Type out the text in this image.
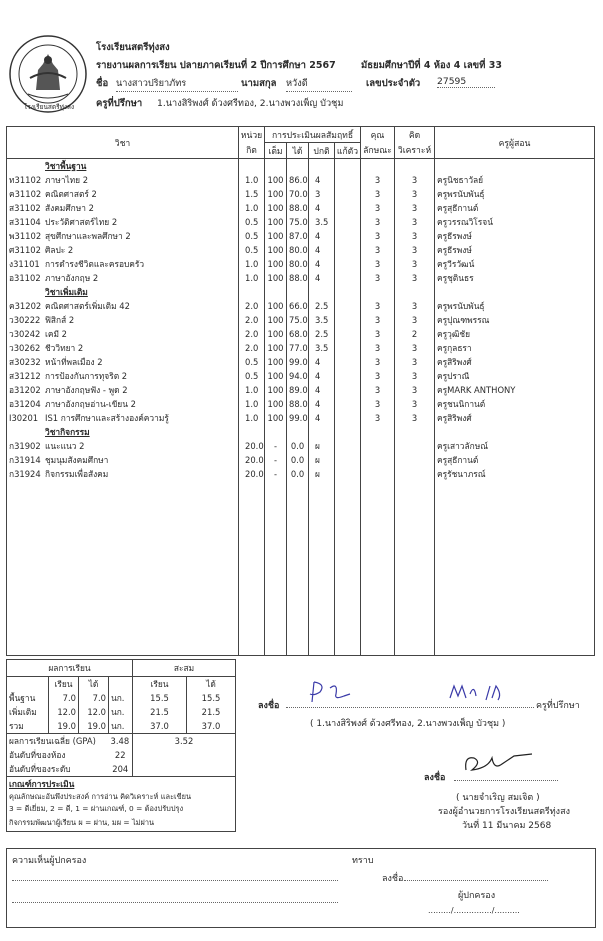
โรงเรียนสตรีทุ่งสง
โรงเรียนสตรีทุ่งสง
รายงานผลการเรียน ปลายภาคเรียนที่ 2 ปีการศึกษา 2567	มัธยมศึกษาปีที่ 4 ห้อง 4 เลขที่ 33
ชื่อ นางสาวปริยาภัทร	นามสกุล หวังดี	เลขประจำตัว 27595
ครูที่ปรึกษา 1.นางสิริพงศ์ ด้วงศรีทอง, 2.นางพวงเพ็ญ บัวชุม
วิชา	หน่วย	การประเมินผลสัมฤทธิ์				คุณ	คิด	ครูผู้สอน
	กิต	เต็ม	ได้	ปกติ	แก้ตัว	ลักษณะ	วิเคราะห์	
วิชาพื้นฐาน								
ท31102 ภาษาไทย 2	1.0	100	86.0	4		3	3	ครูนิชธาวัลย์
ค31102 คณิตศาสตร์ 2	1.5	100	70.0	3		3	3	ครูพรนับพันธุ์
ส31102 สังคมศึกษา 2	1.0	100	88.0	4		3	3	ครูสุธีกานต์
ส31104 ประวัติศาสตร์ไทย 2	0.5	100	75.0	3.5		3	3	ครูวรรณวิโรจน์
พ31102 สุขศึกษาและพลศึกษา 2	0.5	100	87.0	4		3	3	ครูธีรพงษ์
ศ31102 ศิลปะ 2	0.5	100	80.0	4		3	3	ครูธีรพงษ์
ง31101 การดำรงชีวิตและครอบครัว	1.0	100	80.0	4		3	3	ครูวีรวัฒน์
อ31102 ภาษาอังกฤษ 2	1.0	100	88.0	4		3	3	ครูชุตินธร
วิชาเพิ่มเติม								
ค31202 คณิตศาสตร์เพิ่มเติม 42	2.0	100	66.0	2.5		3	3	ครูพรนับพันธุ์
ว30222 ฟิสิกส์ 2	2.0	100	75.0	3.5		3	3	ครูปุณฑพรรณ
ว30242 เคมี 2	2.0	100	68.0	2.5		3	2	ครูวุฒิชัย
ว30262 ชีววิทยา 2	2.0	100	77.0	3.5		3	3	ครูกุลธรา
ส30232 หน้าที่พลเมือง 2	0.5	100	99.0	4		3	3	ครูสิริพงศ์
ส31212 การป้องกันการทุจริต 2	0.5	100	94.0	4		3	3	ครูปราณี
อ31202 ภาษาอังกฤษฟัง - พูด 2	1.0	100	89.0	4		3	3	ครูMARK ANTHONY
อ31204 ภาษาอังกฤษอ่าน-เขียน 2	1.0	100	88.0	4		3	3	ครูชนนิกานต์
I30201 IS1 การศึกษาและสร้างองค์ความรู้	1.0	100	99.0	4		3	3	ครูสิริพงศ์
วิชากิจกรรม								
ก31902 แนะแนว 2	20.0	-	0.0	ผ				ครูเสาวลักษณ์
ก31914 ชุมนุมสังคมศึกษา	20.0	-	0.0	ผ				ครูสุธีกานต์
ก31924 กิจกรรมเพื่อสังคม	20.0	-	0.0	ผ				ครูรัชนาภรณ์

ผลการเรียน				สะสม	
	เรียน	ได้		เรียน	ได้
พื้นฐาน	7.0	7.0	นก.	15.5	15.5
เพิ่มเติม	12.0	12.0	นก.	21.5	21.5
รวม	19.0	19.0	นก.	37.0	37.0
ผลการเรียนเฉลี่ย (GPA)			3.48	3.52	
อันดับที่ของห้อง			22		
อันดับที่ของระดับ			204		
เกณฑ์การประเมิน					
คุณลักษณะอันพึงประสงค์ การอ่าน คิดวิเคราะห์ และเขียน					
3 = ดีเยี่ยม, 2 = ดี, 1 = ผ่านเกณฑ์, 0 = ต้องปรับปรุง					
กิจกรรมพัฒนาผู้เรียน ผ = ผ่าน, มผ = ไม่ผ่าน					
ลงชื่อ	ครูที่ปรึกษา
( 1.นางสิริพงศ์ ด้วงศรีทอง, 2.นางพวงเพ็ญ บัวชุม )
ลงชื่อ
( นายจำเริญ สมเจิต )
รองผู้อำนวยการโรงเรียนสตรีทุ่งสง
วันที่ 11 มีนาคม 2568
ความเห็นผู้ปกครอง	ทราบ
ลงชื่อ
ผู้ปกครอง
........./.............../..........
